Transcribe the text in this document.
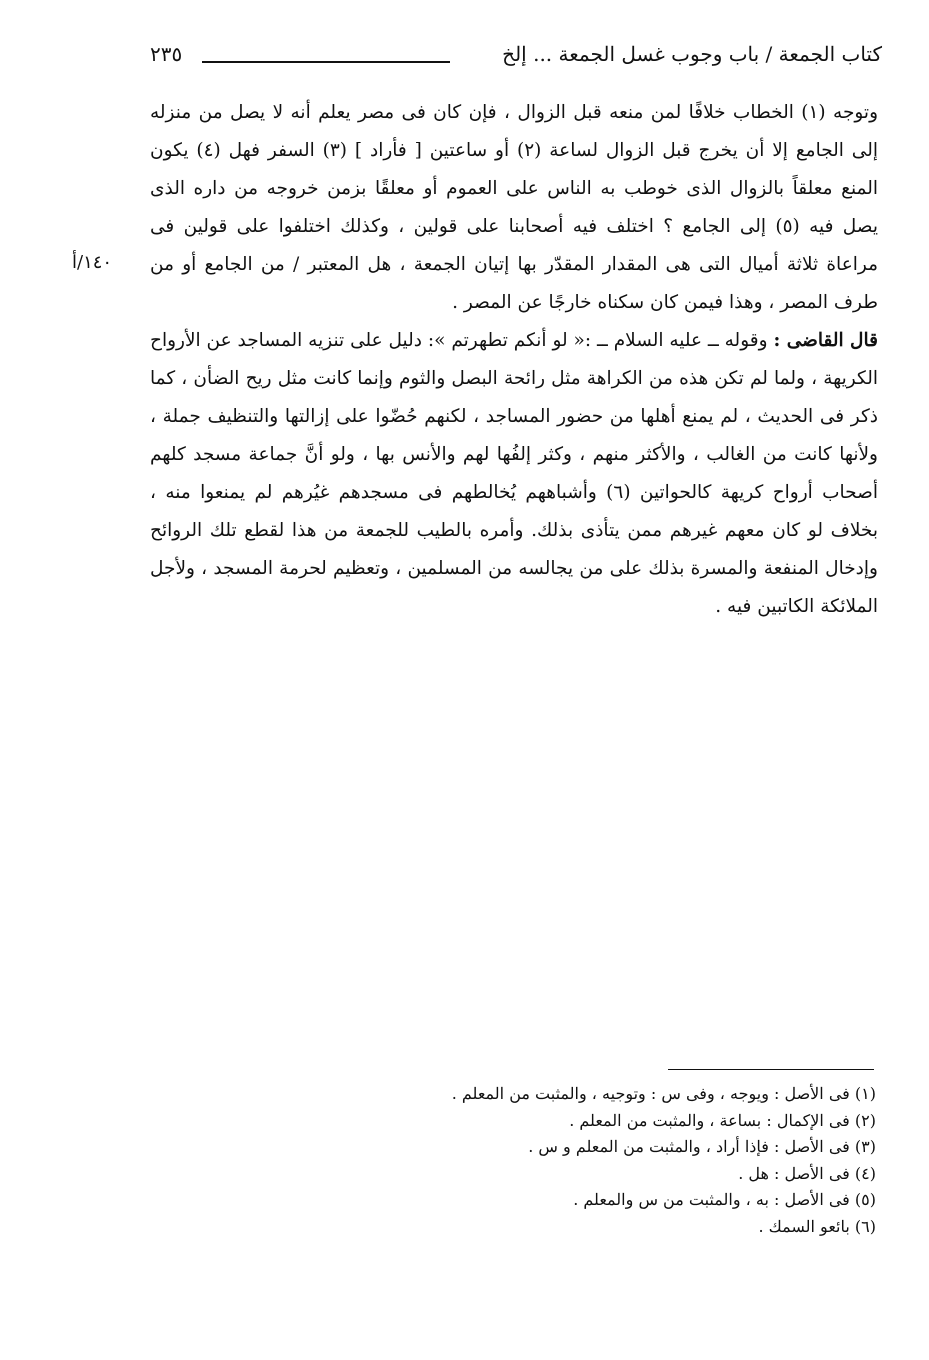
كتاب الجمعة / باب وجوب غسل الجمعة ... إلخ
٢٣٥
١٤٠/أ

وتوجه (١) الخطاب خلافًا لمن منعه قبل الزوال ، فإن كان فى مصر يعلم أنه لا يصل من منزله إلى الجامع إلا أن يخرج قبل الزوال لساعة (٢) أو ساعتين [ فأراد ] (٣) السفر فهل (٤) يكون المنع معلقاً بالزوال الذى خوطب به الناس على العموم أو معلقًا بزمن خروجه من داره الذى يصل فيه (٥) إلى الجامع ؟ اختلف فيه أصحابنا على قولين ، وكذلك اختلفوا على قولين فى مراعاة ثلاثة أميال التى هى المقدار المقدّر بها إتيان الجمعة ، هل المعتبر / من الجامع أو من طرف المصر ، وهذا فيمن كان سكناه خارجًا عن المصر .

قال القاضى : وقوله ــ عليه السلام ــ :« لو أنكم تطهرتم »: دليل على تنزيه المساجد عن الأرواح الكريهة ، ولما لم تكن هذه من الكراهة مثل رائحة البصل والثوم وإنما كانت مثل ريح الضأن ، كما ذكر فى الحديث ، لم يمنع أهلها من حضور المساجد ، لكنهم حُضّوا على إزالتها والتنظيف جملة ، ولأنها كانت من الغالب ، والأكثر منهم ، وكثر إلفُها لهم والأنس بها ، ولو أنَّ جماعة مسجد كلهم أصحاب أرواح كريهة كالحواتين (٦) وأشباههم يُخالطهم فى مسجدهم غيُرهم لم يمنعوا منه ، بخلاف لو كان معهم غيرهم ممن يتأذى بذلك. وأمره بالطيب للجمعة من هذا لقطع تلك الروائح وإدخال المنفعة والمسرة بذلك على من يجالسه من المسلمين ، وتعظيم لحرمة المسجد ، ولأجل الملائكة الكاتبين فيه .

(١) فى الأصل : ويوجه ، وفى س : وتوجيه ، والمثبت من المعلم .
(٢) فى الإكمال : بساعة ، والمثبت من المعلم .
(٣) فى الأصل : فإذا أراد ، والمثبت من المعلم و س .
(٤) فى الأصل : هل .
(٥) فى الأصل : به ، والمثبت من س والمعلم .
(٦) بائعو السمك .
